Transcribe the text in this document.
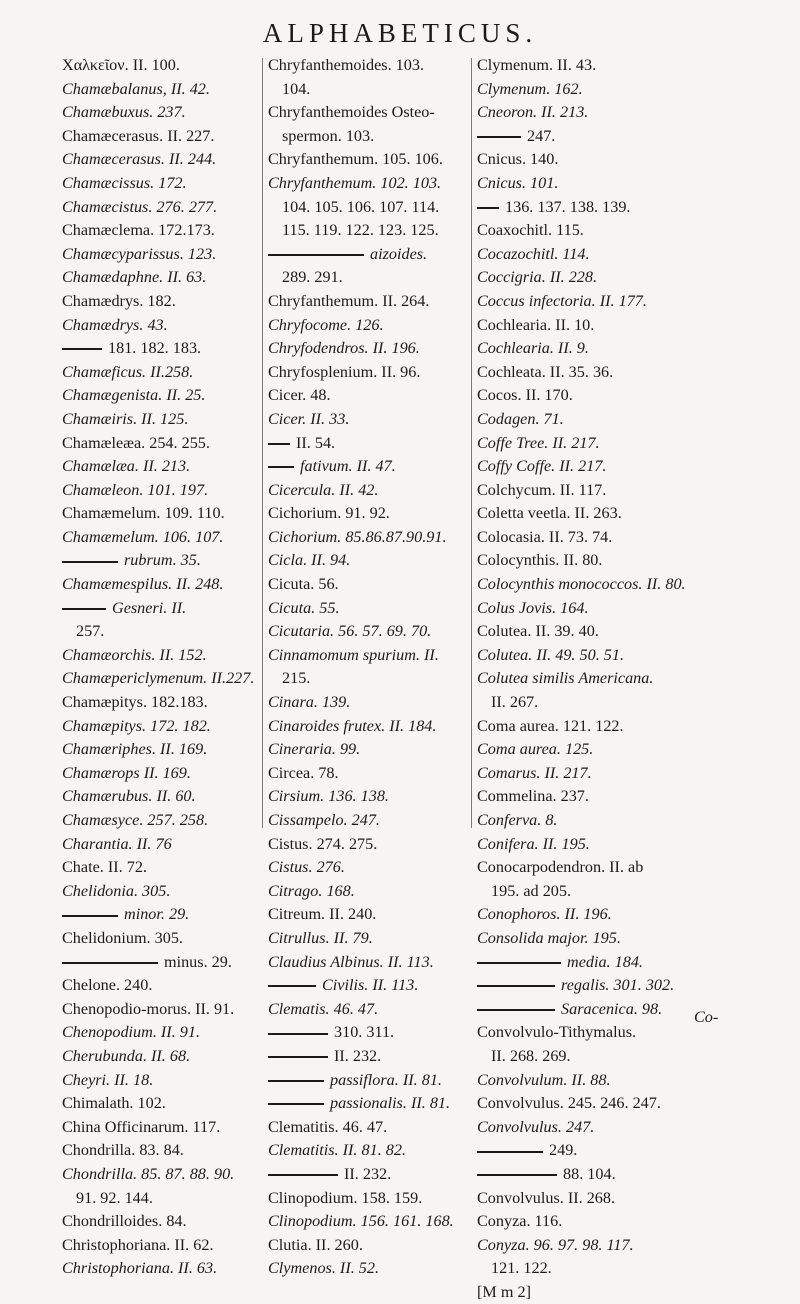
ALPHABETICUS.
Χαλκεῖον. II. 100.
Chamæbalanus, II. 42.
Chamæbuxus. 237.
Chamæcerasus. II. 227.
Chamæcerasus. II. 244.
Chamæcissus. 172.
Chamæcistus. 276. 277.
Chamæclema. 172.173.
Chamæcyparissus. 123.
Chamædaphne. II. 63.
Chamædrys. 182.
Chamædrys. 43.
181. 182. 183.
Chamæficus. II.258.
Chamægenista. II. 25.
Chamæiris. II. 125.
Chamæleæa. 254. 255.
Chamælæa. II. 213.
Chamæleon. 101. 197.
Chamæmelum. 109. 110.
Chamæmelum. 106. 107.
rubrum. 35.
Chamæmespilus. II. 248.
Gesneri. II.
257.
Chamæorchis. II. 152.
Chamæpericlymenum. II.227.
Chamæpitys. 182.183.
Chamæpitys. 172. 182.
Chamæriphes. II. 169.
Chamærops II. 169.
Chamærubus. II. 60.
Chamæsyce. 257. 258.
Charantia. II. 76
Chate. II. 72.
Chelidonia. 305.
minor. 29.
Chelidonium. 305.
minus. 29.
Chelone. 240.
Chenopodio-morus. II. 91.
Chenopodium. II. 91.
Cherubunda. II. 68.
Cheyri. II. 18.
Chimalath. 102.
China Officinarum. 117.
Chondrilla. 83. 84.
Chondrilla. 85. 87. 88. 90.
91. 92. 144.
Chondrilloides. 84.
Christophoriana. II. 62.
Christophoriana. II. 63.
Chryfanthemoides. 103.
104.
Chryfanthemoides Osteo-
spermon. 103.
Chryfanthemum. 105. 106.
Chryfanthemum. 102. 103.
104. 105. 106. 107. 114.
115. 119. 122. 123. 125.
aizoides.
289. 291.
Chryfanthemum. II. 264.
Chryfocome. 126.
Chryfodendros. II. 196.
Chryfosplenium. II. 96.
Cicer. 48.
Cicer. II. 33.
II. 54.
fativum. II. 47.
Cicercula. II. 42.
Cichorium. 91. 92.
Cichorium. 85.86.87.90.91.
Cicla. II. 94.
Cicuta. 56.
Cicuta. 55.
Cicutaria. 56. 57. 69. 70.
Cinnamomum spurium. II.
215.
Cinara. 139.
Cinaroides frutex. II. 184.
Cineraria. 99.
Circea. 78.
Cirsium. 136. 138.
Cissampelo. 247.
Cistus. 274. 275.
Cistus. 276.
Citrago. 168.
Citreum. II. 240.
Citrullus. II. 79.
Claudius Albinus. II. 113.
Civilis. II. 113.
Clematis. 46. 47.
310. 311.
II. 232.
passiflora. II. 81.
passionalis. II. 81.
Clematitis. 46. 47.
Clematitis. II. 81. 82.
II. 232.
Clinopodium. 158. 159.
Clinopodium. 156. 161. 168.
Clutia. II. 260.
Clymenos. II. 52.
Clymenum. II. 43.
Clymenum. 162.
Cneoron. II. 213.
247.
Cnicus. 140.
Cnicus. 101.
136. 137. 138. 139.
Coaxochitl. 115.
Cocazochitl. 114.
Coccigria. II. 228.
Coccus infectoria. II. 177.
Cochlearia. II. 10.
Cochlearia. II. 9.
Cochleata. II. 35. 36.
Cocos. II. 170.
Codagen. 71.
Coffe Tree. II. 217.
Coffy Coffe. II. 217.
Colchycum. II. 117.
Coletta veetla. II. 263.
Colocasia. II. 73. 74.
Colocynthis. II. 80.
Colocynthis monococcos. II. 80.
Colus Jovis. 164.
Colutea. II. 39. 40.
Colutea. II. 49. 50. 51.
Colutea similis Americana.
II. 267.
Coma aurea. 121. 122.
Coma aurea. 125.
Comarus. II. 217.
Commelina. 237.
Conferva. 8.
Conifera. II. 195.
Conocarpodendron. II. ab
195. ad 205.
Conophoros. II. 196.
Consolida major. 195.
media. 184.
regalis. 301. 302.
Saracenica. 98.
Convolvulo-Tithymalus.
II. 268. 269.
Convolvulum. II. 88.
Convolvulus. 245. 246. 247.
Convolvulus. 247.
249.
88. 104.
Convolvulus. II. 268.
Conyza. 116.
Conyza. 96. 97. 98. 117.
121. 122.
[M m 2]
Co-
